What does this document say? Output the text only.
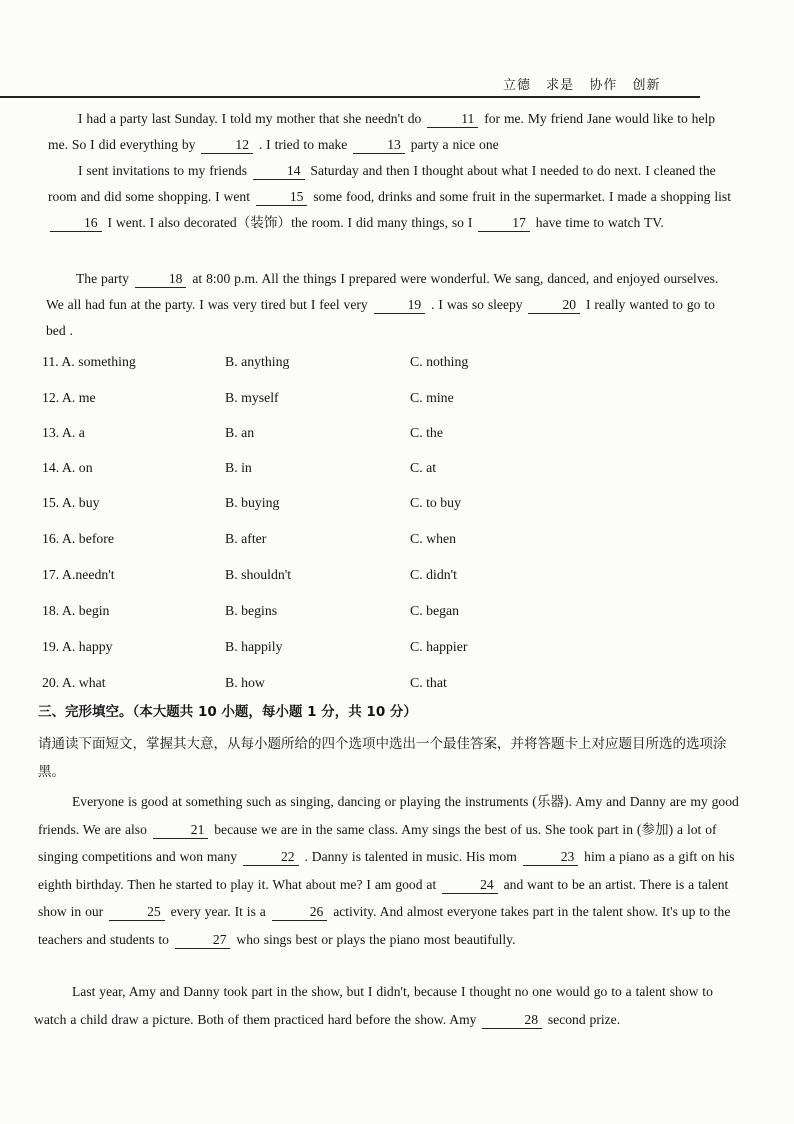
立德 求是 协作 创新
I had a party last Sunday. I told my mother that she needn't do	11 for me. My friend Jane would like to help me. So I did everything by	12 . I tried to make	13 party a nice one
I sent invitations to my friends	14 Saturday and then I thought about what I needed to do next. I cleaned the room and did some shopping. I went	15 some food, drinks and some fruit in the supermarket. I made a shopping list 16 I went. I also decorated（装饰）the room. I did many things, so I	17 have time to watch TV.
The party	18 at 8:00 p.m. All the things I prepared were wonderful. We sang, danced, and enjoyed ourselves. We all had fun at the party. I was very tired but I feel very	19 . I was so sleepy	20 I really wanted to go to bed .
11. A. something	B. anything	C. nothing
12. A. me	B. myself	C. mine
13. A. a	B. an	C. the
14. A. on	B. in	C. at
15. A. buy	B. buying	C. to buy
16. A. before	B. after	C. when
17. A.needn't	B. shouldn't	C. didn't
18. A. begin	B. begins	C. began
19. A. happy	B. happily	C. happier
20. A. what	B. how	C. that
三、完形填空。（本大题共 10 小题，每小题 1 分，共 10 分）
请通读下面短文，掌握其大意，从每小题所给的四个选项中选出一个最佳答案，并将答题卡上对应题目所选的选项涂黑。
Everyone is good at something such as singing, dancing or playing the instruments (乐器). Amy and Danny are my good friends. We are also	21 because we are in the same class. Amy sings the best of us. She took part in (参加) a lot of singing competitions and won many	22 . Danny is talented in music. His mom	23 him a piano as a gift on his eighth birthday. Then he started to play it. What about me? I am good at	24 and want to be an artist. There is a talent show in our	25 every year. It is a	26 activity. And almost everyone takes part in the talent show. It's up to the teachers and students to	27 who sings best or plays the piano most beautifully.
Last year, Amy and Danny took part in the show, but I didn't, because I thought no one would go to a talent show to watch a child draw a picture. Both of them practiced hard before the show. Amy	28 second prize.
